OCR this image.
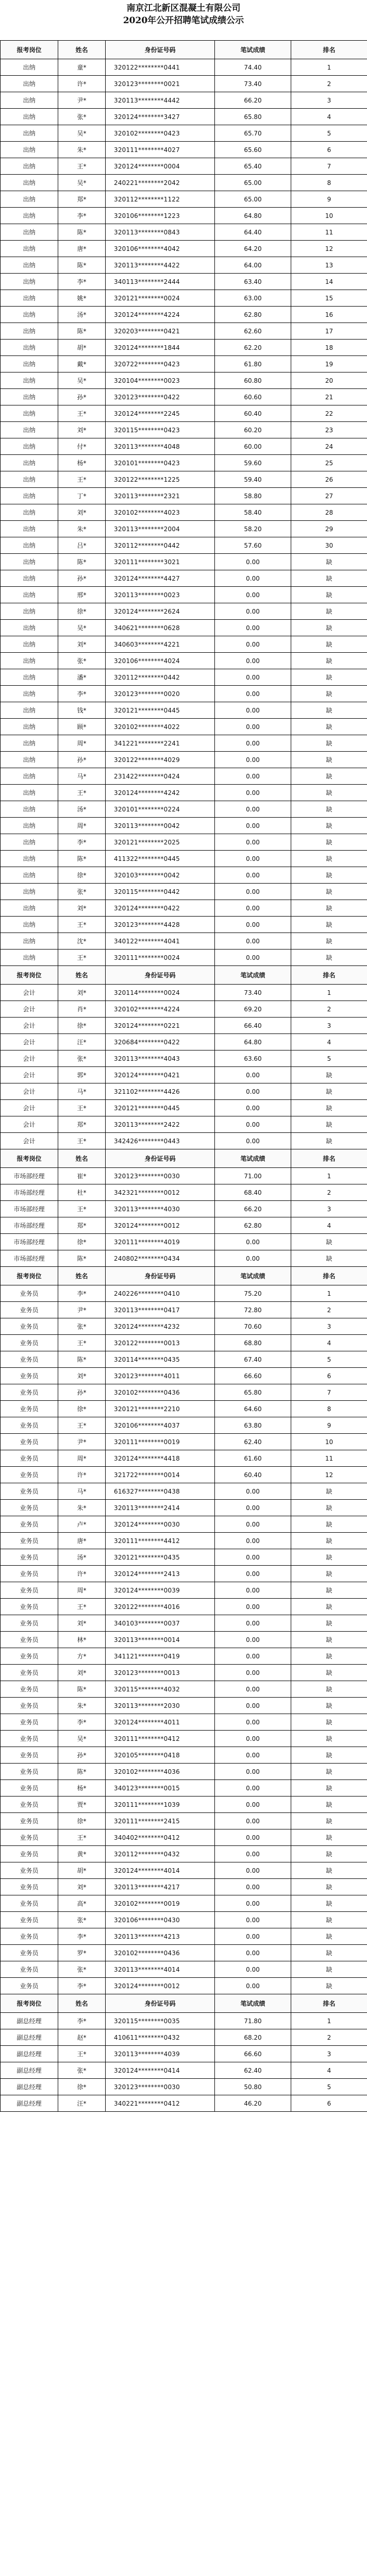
南京江北新区混凝土有限公司
2020年公开招聘笔试成绩公示
报考岗位	姓名	身份证号码	笔试成绩	排名
出纳	童*	320122********0441	74.40	1
出纳	许*	320123********0021	73.40	2
出纳	尹*	320113********4442	66.20	3
出纳	张*	320124********3427	65.80	4
出纳	吴*	320102********0423	65.70	5
出纳	朱*	320111********4027	65.60	6
出纳	王*	320124********0004	65.40	7
出纳	吴*	240221********2042	65.00	8
出纳	郑*	320112********1122	65.00	9
出纳	李*	320106********1223	64.80	10
出纳	陈*	320113********0843	64.40	11
出纳	唐*	320106********4042	64.20	12
出纳	陈*	320113********4422	64.00	13
出纳	李*	340113********2444	63.40	14
出纳	姚*	320121********0024	63.00	15
出纳	汤*	320124********4224	62.80	16
出纳	陈*	320203********0421	62.60	17
出纳	胡*	320124********1844	62.20	18
出纳	戴*	320722********0423	61.80	19
出纳	吴*	320104********0023	60.80	20
出纳	孙*	320123********0422	60.60	21
出纳	王*	320124********2245	60.40	22
出纳	刘*	320115********0423	60.20	23
出纳	付*	320113********4048	60.00	24
出纳	杨*	320101********0423	59.60	25
出纳	王*	320122********1225	59.40	26
出纳	丁*	320113********2321	58.80	27
出纳	刘*	320102********4023	58.40	28
出纳	朱*	320113********2004	58.20	29
出纳	吕*	320112********0442	57.60	30
出纳	陈*	320111********3021	0.00	缺
出纳	孙*	320124********4427	0.00	缺
出纳	邢*	320113********0023	0.00	缺
出纳	徐*	320124********2624	0.00	缺
出纳	吴*	340621********0628	0.00	缺
出纳	刘*	340603********4221	0.00	缺
出纳	张*	320106********4024	0.00	缺
出纳	潘*	320112********0442	0.00	缺
出纳	李*	320123********0020	0.00	缺
出纳	钱*	320121********0445	0.00	缺
出纳	顾*	320102********4022	0.00	缺
出纳	周*	341221********2241	0.00	缺
出纳	孙*	320122********4029	0.00	缺
出纳	马*	231422********0424	0.00	缺
出纳	王*	320124********4242	0.00	缺
出纳	汤*	320101********0224	0.00	缺
出纳	周*	320113********0042	0.00	缺
出纳	李*	320121********2025	0.00	缺
出纳	陈*	411322********0445	0.00	缺
出纳	徐*	320103********0042	0.00	缺
出纳	张*	320115********0442	0.00	缺
出纳	刘*	320124********0422	0.00	缺
出纳	王*	320123********4428	0.00	缺
出纳	沈*	340122********4041	0.00	缺
出纳	王*	320111********0024	0.00	缺
报考岗位	姓名	身份证号码	笔试成绩	排名
会计	刘*	320114********0024	73.40	1
会计	肖*	320102********4224	69.20	2
会计	徐*	320124********0221	66.40	3
会计	汪*	320684********0422	64.80	4
会计	张*	320113********4043	63.60	5
会计	郭*	320124********0421	0.00	缺
会计	马*	321102********4426	0.00	缺
会计	王*	320121********0445	0.00	缺
会计	郑*	320113********2422	0.00	缺
会计	王*	342426********0443	0.00	缺
报考岗位	姓名	身份证号码	笔试成绩	排名
市场部经理	崔*	320123********0030	71.00	1
市场部经理	杜*	342321********0012	68.40	2
市场部经理	王*	320113********4030	66.20	3
市场部经理	郑*	320124********0012	62.80	4
市场部经理	徐*	320111********4019	0.00	缺
市场部经理	陈*	240802********0434	0.00	缺
报考岗位	姓名	身份证号码	笔试成绩	排名
业务员	李*	240226********0410	75.20	1
业务员	尹*	320113********0417	72.80	2
业务员	张*	320124********4232	70.60	3
业务员	王*	320122********0013	68.80	4
业务员	陈*	320114********0435	67.40	5
业务员	刘*	320123********4011	66.60	6
业务员	孙*	320102********0436	65.80	7
业务员	徐*	320121********2210	64.60	8
业务员	王*	320106********4037	63.80	9
业务员	尹*	320111********0019	62.40	10
业务员	周*	320124********4418	61.60	11
业务员	许*	321722********0014	60.40	12
业务员	马*	616327********0438	0.00	缺
业务员	朱*	320113********2414	0.00	缺
业务员	卢*	320124********0030	0.00	缺
业务员	唐*	320111********4412	0.00	缺
业务员	汤*	320121********0435	0.00	缺
业务员	许*	320124********2413	0.00	缺
业务员	周*	320124********0039	0.00	缺
业务员	王*	320122********4016	0.00	缺
业务员	刘*	340103********0037	0.00	缺
业务员	林*	320113********0014	0.00	缺
业务员	方*	341121********0419	0.00	缺
业务员	刘*	320123********0013	0.00	缺
业务员	陈*	320115********4032	0.00	缺
业务员	朱*	320113********2030	0.00	缺
业务员	李*	320124********4011	0.00	缺
业务员	吴*	320111********0412	0.00	缺
业务员	孙*	320105********0418	0.00	缺
业务员	陈*	320102********4036	0.00	缺
业务员	杨*	340123********0015	0.00	缺
业务员	贾*	320111********1039	0.00	缺
业务员	徐*	320111********2415	0.00	缺
业务员	王*	340402********0412	0.00	缺
业务员	黄*	320112********0432	0.00	缺
业务员	胡*	320124********4014	0.00	缺
业务员	刘*	320113********4217	0.00	缺
业务员	高*	320102********0019	0.00	缺
业务员	张*	320106********0430	0.00	缺
业务员	李*	320113********4213	0.00	缺
业务员	罗*	320102********0436	0.00	缺
业务员	张*	320113********4014	0.00	缺
业务员	李*	320124********0012	0.00	缺
报考岗位	姓名	身份证号码	笔试成绩	排名
副总经理	李*	320115********0035	71.80	1
副总经理	赵*	410611********0432	68.20	2
副总经理	王*	320113********4039	66.60	3
副总经理	张*	320124********0414	62.40	4
副总经理	徐*	320123********0030	50.80	5
副总经理	汪*	340221********0412	46.20	6
